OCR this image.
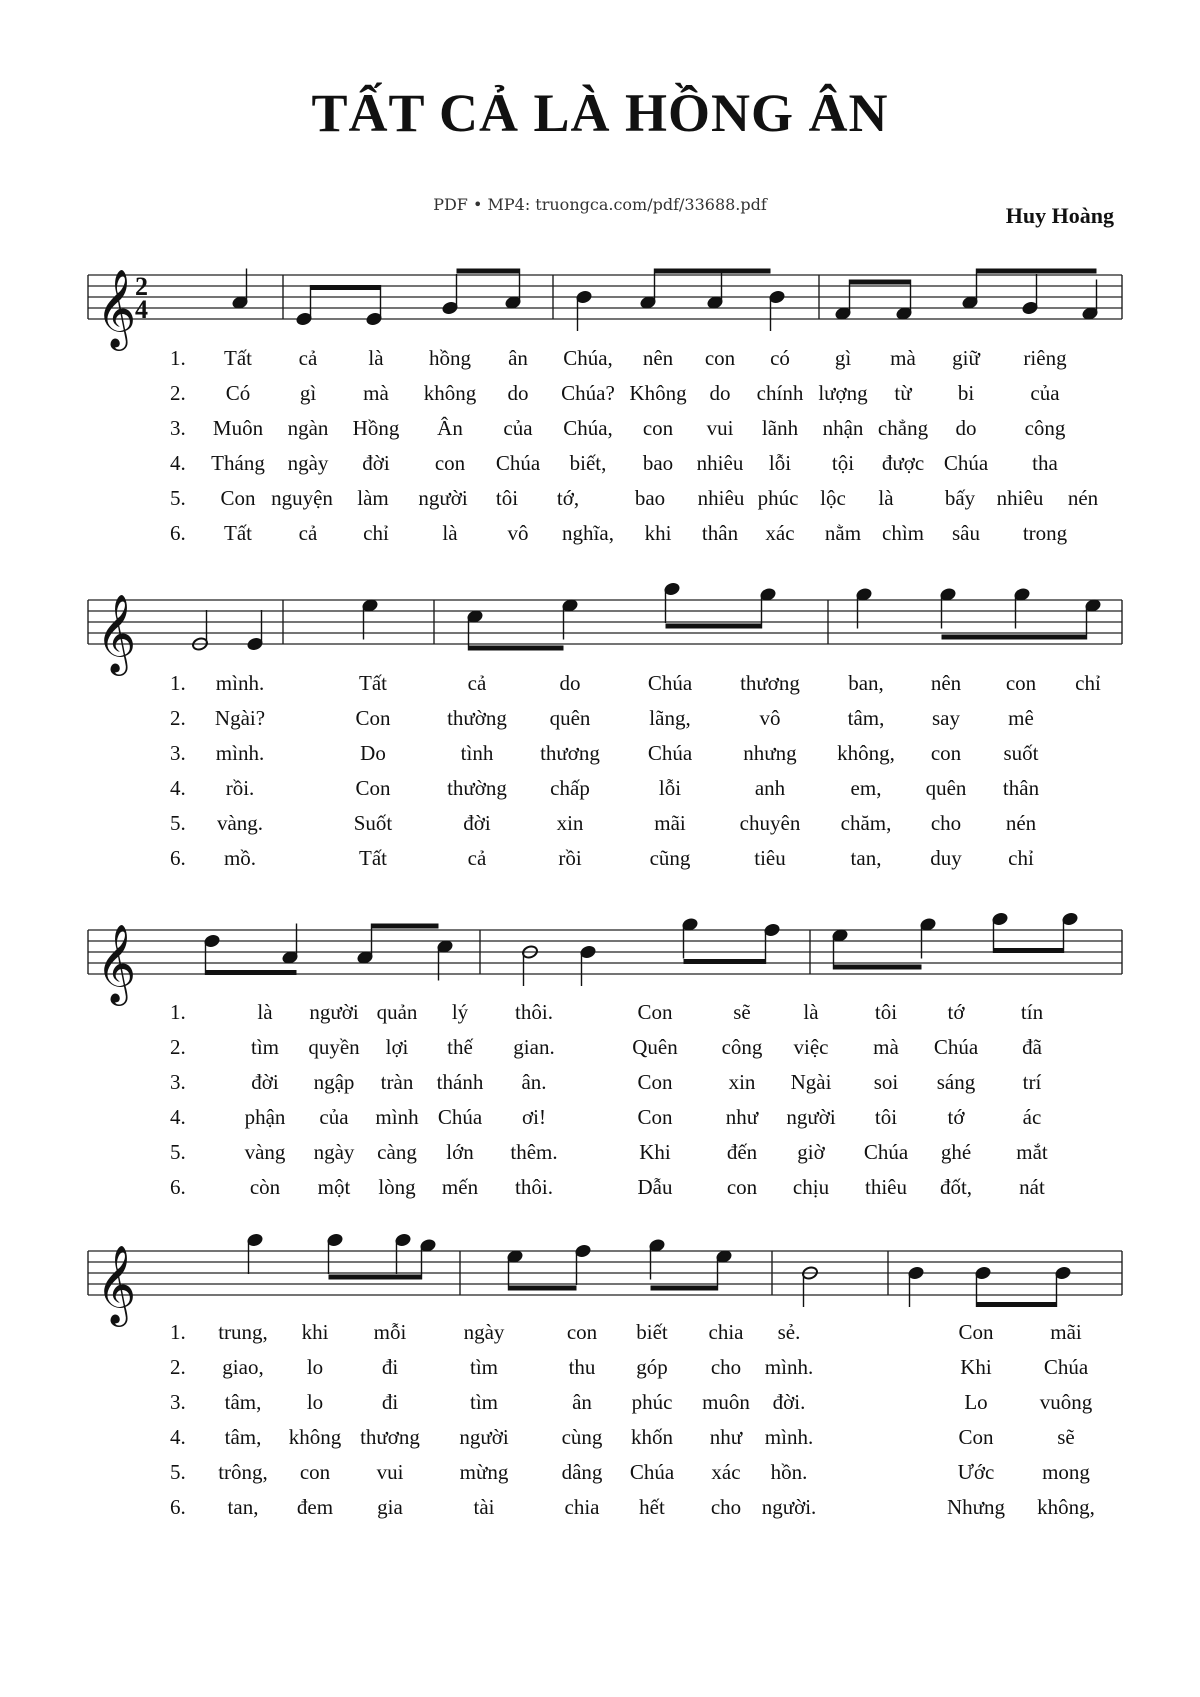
TẤT CẢ LÀ HỒNG ÂN
PDF • MP4: truongca.com/pdf/33688.pdf	Huy Hoàng
𝄞
2
4
1. Tất cả là hồng ân Chúa, nên con có gì mà giữ riêng
2. Có gì mà không do Chúa? Không do chính lượng từ bi	của
3. Muôn ngàn Hồng Ân của Chúa, con vui lãnh nhận chẳng do công
4. Tháng ngày đời con Chúa biết, bao nhiêu lỗi tội được Chúa tha
5. Con nguyện làm người tôi tớ,	bao nhiêu phúc lộc là bấy nhiêu nén
6. Tất cả chỉ	là vô nghĩa, khi thân xác nằm chìm sâu trong
𝄞
1. mình.	Tất	cả	do	Chúa thương ban, nên con chỉ
2. Ngài?	Con	thường quên	lãng,	vô	tâm, say mê
3. mình.	Do	tình thương Chúa nhưng không, con suốt
4. rồi.	Con	thường chấp	lỗi	anh	em, quên thân
5. vàng.	Suốt	đời	xin	mãi	chuyên chăm, cho nén
6. mồ.	Tất	cả	rồi	cũng	tiêu	tan, duy chỉ
𝄞
1.	là người quản lý thôi.	Con	sẽ	là	tôi tớ	tín
2.	tìm quyền lợi thế gian.	Quên công việc mà Chúa đã
3.	đời ngập tràn thánh ân.	Con	xin Ngài soi sáng trí
4.	phận của mình Chúa ơi!	Con	như người tôi tớ	ác
5.	vàng ngày càng lớn thêm.	Khi	đến giờ Chúa ghé mắt
6.	còn một lòng mến thôi.	Dẫu	con chịu thiêu đốt, nát
𝄞
1. trung, khi mỗi	ngày	con biết chia sẻ.	Con	mãi
2. giao, lo	đi	tìm	thu góp cho mình.	Khi Chúa
3. tâm, lo	đi	tìm	ân phúc muôn đời.	Lo vuông
4. tâm, không thương người	cùng khốn như mình.	Con	sẽ
5. trông, con vui	mừng	dâng Chúa xác hồn.	Ước mong
6. tan, đem gia	tài	chia hết cho người.	Nhưng không,
